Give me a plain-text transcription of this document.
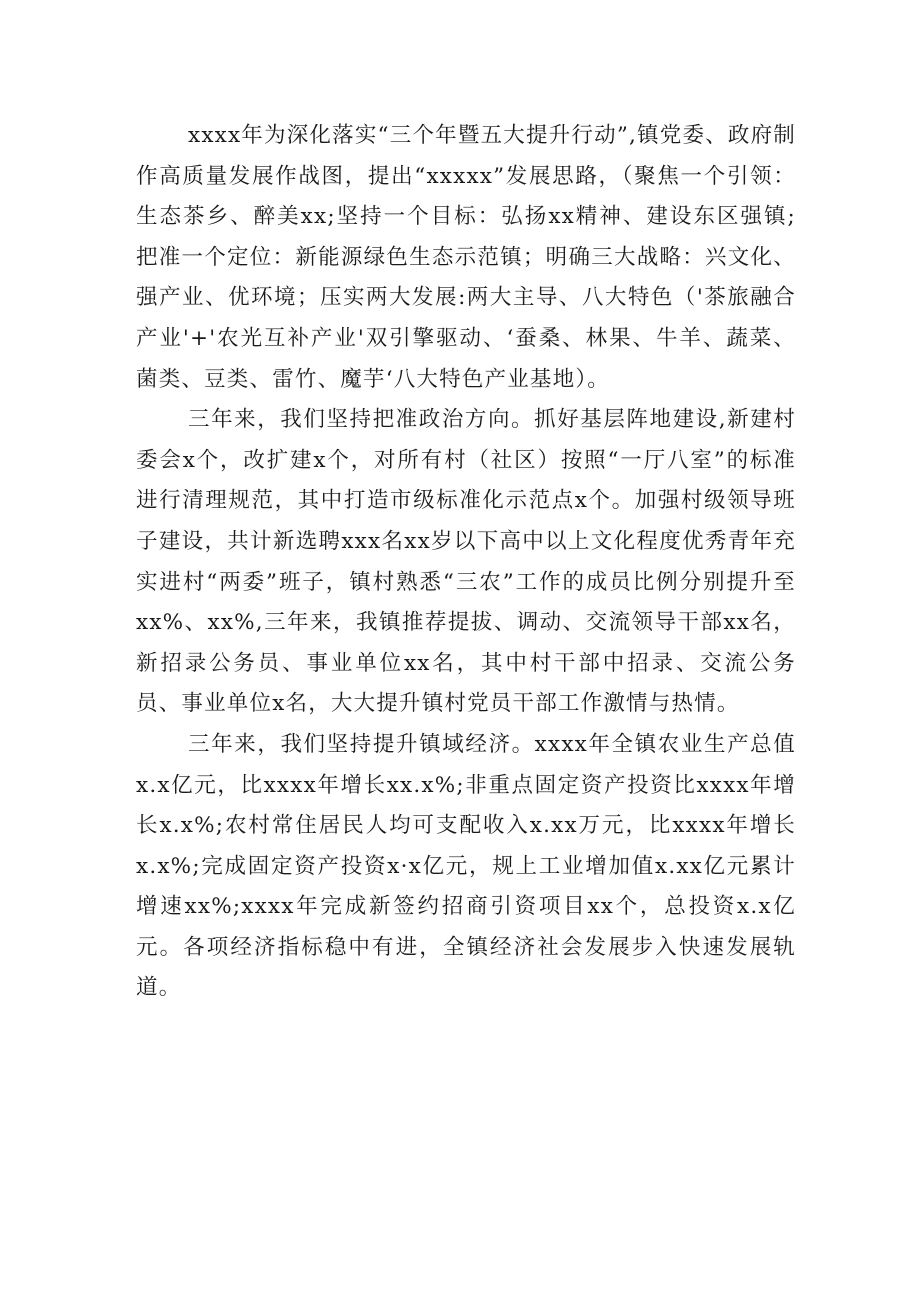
xxxx年为深化落实“三个年暨五大提升行动”,镇党委、政府制作高质量发展作战图，提出“xxxxx”发展思路，（聚焦一个引领：生态茶乡、醉美xx;坚持一个目标：弘扬xx精神、建设东区强镇;把准一个定位：新能源绿色生态示范镇；明确三大战略：兴文化、强产业、优环境；压实两大发展:两大主导、八大特色（'茶旅融合产业'+'农光互补产业'双引擎驱动、‘蚕桑、林果、牛羊、蔬菜、菌类、豆类、雷竹、魔芋‘八大特色产业基地）。

三年来，我们坚持把准政治方向。抓好基层阵地建设,新建村委会x个，改扩建x个，对所有村（社区）按照“一厅八室”的标准进行清理规范，其中打造市级标准化示范点x个。加强村级领导班子建设，共计新选聘xxx名xx岁以下高中以上文化程度优秀青年充实进村“两委”班子，镇村熟悉“三农”工作的成员比例分别提升至xx%、xx%,三年来，我镇推荐提拔、调动、交流领导干部xx名，新招录公务员、事业单位xx名，其中村干部中招录、交流公务员、事业单位x名，大大提升镇村党员干部工作激情与热情。

三年来，我们坚持提升镇域经济。xxxx年全镇农业生产总值x.x亿元，比xxxx年增长xx.x%;非重点固定资产投资比xxxx年增长x.x%;农村常住居民人均可支配收入x.xx万元，比xxxx年增长x.x%;完成固定资产投资x·x亿元，规上工业增加值x.xx亿元累计增速xx%;xxxx年完成新签约招商引资项目xx个，总投资x.x亿元。各项经济指标稳中有进，全镇经济社会发展步入快速发展轨道。
